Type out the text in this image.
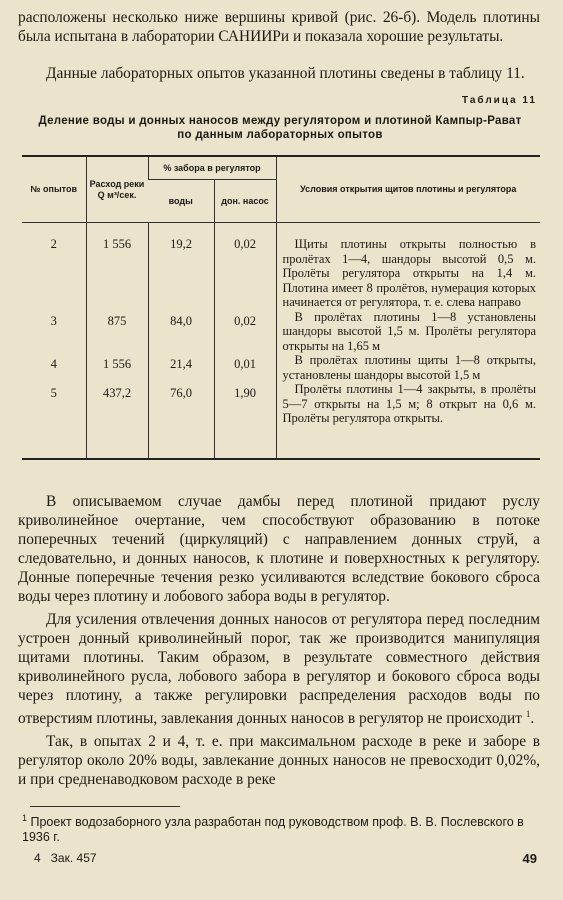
расположены несколько ниже вершины кривой (рис. 26-б). Модель плотины была испытана в лаборатории САНИИРи и показала хорошие результаты.

Данные лабораторных опытов указанной плотины сведены в таблицу 11.

Таблица 11
Деление воды и донных наносов между регулятором и плотиной Кампыр-Рават по данным лабораторных опытов
№ опытов	Расход реки Q м³/сек.	% забора в регулятор		Условия открытия щитов плотины и регулятора
		воды	дон. насос	
2	1 556	19,2	0,02	Щиты плотины открыты полностью в пролётах 1—4, шандоры высотой 0,5 м. Пролёты регулятора открыты на 1,4 м. Плотина имеет 8 пролётов, нумерация которых начинается от регулятора, т. е. слева направо

3	875	84,0	0,02	В пролётах плотины 1—8 установлены шандоры высотой 1,5 м. Пролёты регулятора открыты на 1,65 м

4	1 556	21,4	0,01	В пролётах плотины щиты 1—8 открыты, установлены шандоры высотой 1,5 м

5	437,2	76,0	1,90	Пролёты плотины 1—4 закрыты, в пролёты 5—7 открыты на 1,5 м; 8 открыт на 0,6 м. Пролёты регулятора открыты.

В описываемом случае дамбы перед плотиной придают руслу криволинейное очертание, чем способствуют образованию в потоке поперечных течений (циркуляций) с направлением донных струй, а следовательно, и донных наносов, к плотине и поверхностных к регулятору. Донные поперечные течения резко усиливаются вследствие бокового сброса воды через плотину и лобового забора воды в регулятор.

Для усиления отвлечения донных наносов от регулятора перед последним устроен донный криволинейный порог, так же производится манипуляция щитами плотины. Таким образом, в результате совместного действия криволинейного русла, лобового забора в регулятор и бокового сброса воды через плотину, а также регулировки распределения расходов воды по отверстиям плотины, завлекания донных наносов в регулятор не происходит $^1$.

Так, в опытах 2 и 4, т. е. при максимальном расходе в реке и заборе в регулятор около 20% воды, завлекание донных наносов не превосходит 0,02%, и при средненаводковом расходе в реке

$^1$ Проект водозаборного узла разработан под руководством проф. В. В. Послевского в 1936 г.
4   Зак. 457	49
